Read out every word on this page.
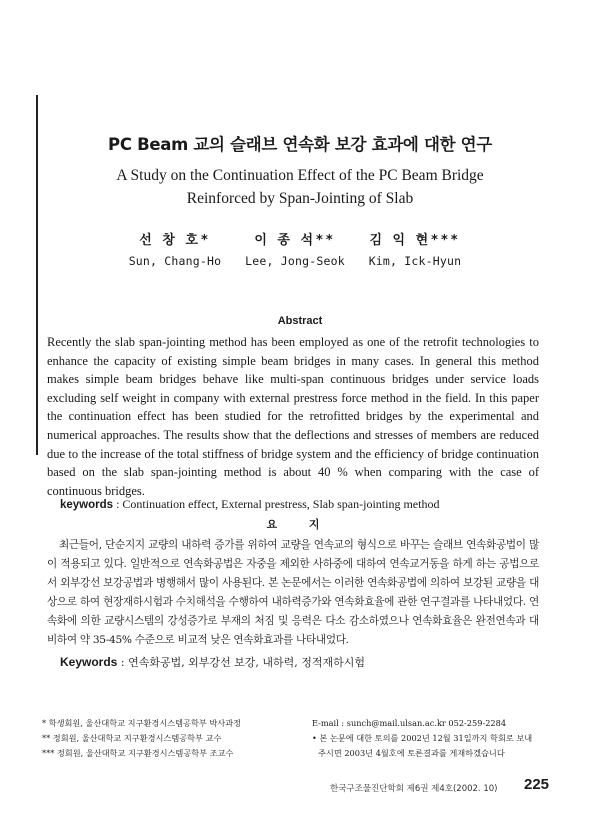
PC Beam 교의 슬래브 연속화 보강 효과에 대한 연구
A Study on the Continuation Effect of the PC Beam Bridge
Reinforced by Span-Jointing of Slab
선 창 호*
Sun, Chang-Ho
이 종 석**
Lee, Jong-Seok
김 익 현***
Kim, Ick-Hyun
Abstract

Recently the slab span-jointing method has been employed as one of the retrofit technologies to enhance the capacity of existing simple beam bridges in many cases. In general this method makes simple beam bridges behave like multi-span continuous bridges under service loads excluding self weight in company with external prestress force method in the field. In this paper the continuation effect has been studied for the retrofitted bridges by the experimental and numerical approaches. The results show that the deflections and stresses of members are reduced due to the increase of the total stiffness of bridge system and the efficiency of bridge continuation based on the slab span-jointing method is about 40 % when comparing with the case of continuous bridges.

keywords : Continuation effect, External prestress, Slab span-jointing method
요 지

최근들어, 단순지지 교량의 내하력 증가를 위하여 교량을 연속교의 형식으로 바꾸는 슬래브 연속화공법이 많이 적용되고 있다. 일반적으로 연속화공법은 자중을 제외한 사하중에 대하여 연속교거동을 하게 하는 공법으로서 외부강선 보강공법과 병행해서 많이 사용된다. 본 논문에서는 이러한 연속화공법에 의하여 보강된 교량을 대상으로 하여 현장재하시험과 수치해석을 수행하여 내하력증가와 연속화효율에 관한 연구결과를 나타내었다. 연속화에 의한 교량시스템의 강성증가로 부재의 처짐 및 응력은 다소 감소하였으나 연속화효율은 완전연속과 대비하여 약 35-45% 수준으로 비교적 낮은 연속화효과를 나타내었다.

Keywords : 연속화공법, 외부강선 보강, 내하력, 정적재하시험
* 학생회원, 울산대학교 지구환경시스템공학부 박사과정
** 정회원, 울산대학교 지구환경시스템공학부 교수
*** 정회원, 울산대학교 지구환경시스템공학부 조교수
E-mail : sunch@mail.ulsan.ac.kr 052-259-2284
• 본 논문에 대한 토의를 2002년 12월 31일까지 학회로 보내
주시면 2003년 4월호에 토론결과를 게재하겠습니다
한국구조물진단학회 제6권 제4호(2002. 10) 225
